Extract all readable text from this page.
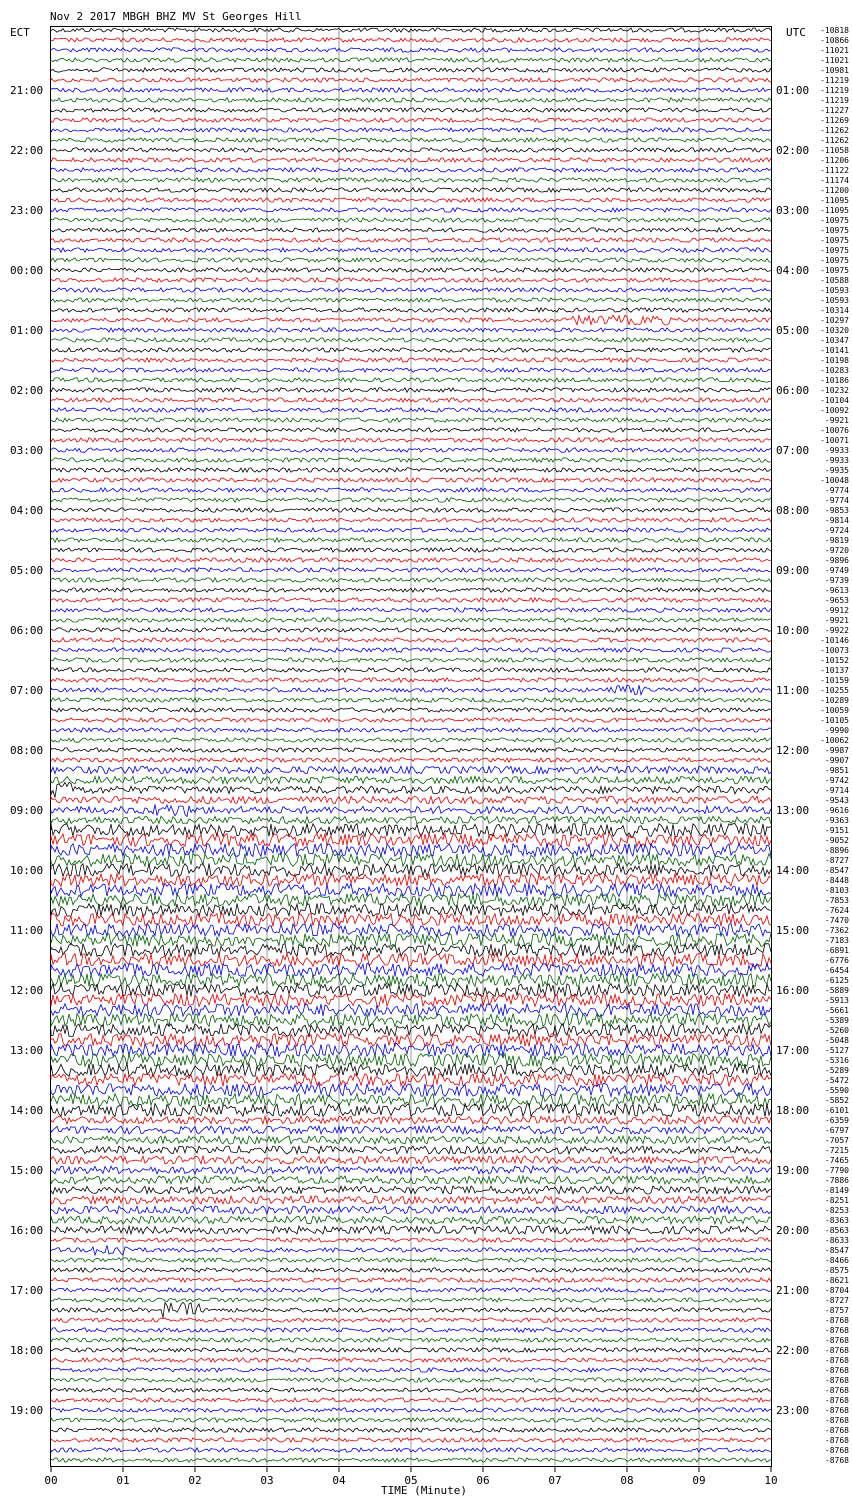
Nov 2 2017 MBGH BHZ MV St Georges Hill
ECT	UTC
21:00
22:00
23:00
00:00
01:00
02:00
03:00
04:00
05:00
06:00
07:00
08:00
09:00
10:00
11:00
12:00
13:00
14:00
15:00
16:00
17:00
18:00
19:00
01:00
02:00
03:00
04:00
05:00
06:00
07:00
08:00
09:00
10:00
11:00
12:00
13:00
14:00
15:00
16:00
17:00
18:00
19:00
20:00
21:00
22:00
23:00
-10818
-10866
-11021
-11021
-10981
-11219
-11219
-11219
-11227
-11269
-11262
-11262
-11058
-11206
-11122
-11174
-11200
-11095
-11095
-10975
-10975
-10975
-10975
-10975
-10975
-10588
-10593
-10593
-10314
-10297
-10320
-10347
-10141
-10198
-10283
-10186
-10232
-10104
-10092
-9921
-10076
-10071
-9933
-9933
-9935
-10048
-9774
-9774
-9853
-9814
-9724
-9819
-9720
-9896
-9749
-9739
-9613
-9653
-9912
-9921
-9922
-10146
-10073
-10152
-10137
-10159
-10255
-10289
-10059
-10105
-9990
-10062
-9987
-9907
-9851
-9742
-9714
-9543
-9616
-9363
-9151
-9052
-8896
-8727
-8547
-8448
-8103
-7853
-7624
-7470
-7362
-7183
-6891
-6776
-6454
-6125
-5889
-5913
-5661
-5389
-5260
-5048
-5127
-5316
-5289
-5472
-5590
-5852
-6101
-6359
-6797
-7057
-7215
-7465
-7790
-7886
-8149
-8251
-8253
-8363
-8563
-8633
-8547
-8466
-8575
-8621
-8704
-8727
-8757
-8768
-8768
-8768
-8768
-8768
-8768
-8768
-8768
-8768
-8768
-8768
-8768
-8768
-8768
-8768
00	01	02	03	04	05	06	07	08	09	10
TIME (Minute)
